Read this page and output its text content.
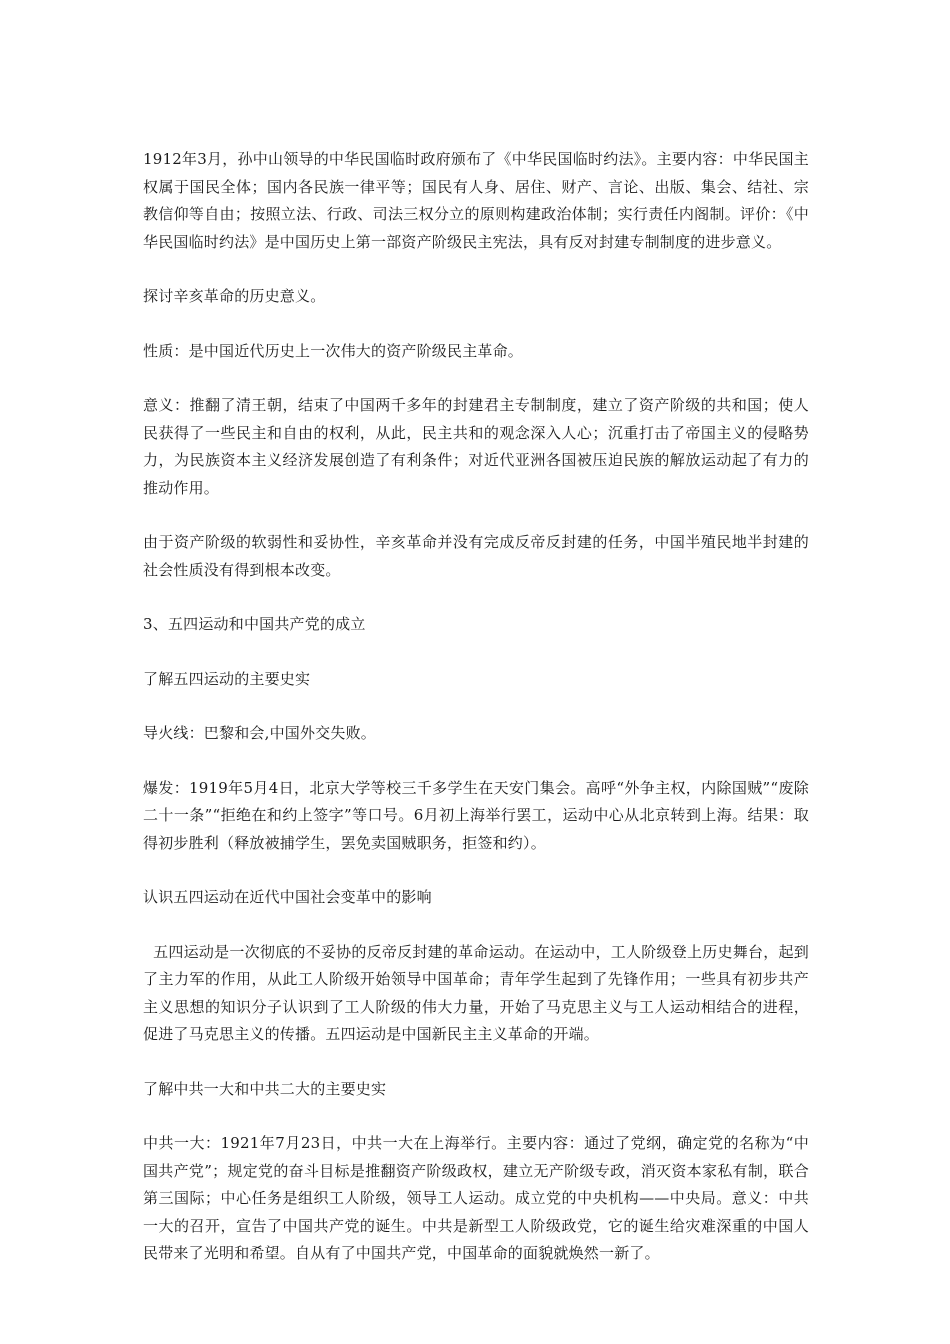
1912年3月，孙中山领导的中华民国临时政府颁布了《中华民国临时约法》。主要内容：中华民国主权属于国民全体；国内各民族一律平等；国民有人身、居住、财产、言论、出版、集会、结社、宗教信仰等自由；按照立法、行政、司法三权分立的原则构建政治体制；实行责任内阁制。评价：《中华民国临时约法》是中国历史上第一部资产阶级民主宪法，具有反对封建专制制度的进步意义。

探讨辛亥革命的历史意义。

性质：是中国近代历史上一次伟大的资产阶级民主革命。

意义：推翻了清王朝，结束了中国两千多年的封建君主专制制度，建立了资产阶级的共和国；使人民获得了一些民主和自由的权利，从此，民主共和的观念深入人心；沉重打击了帝国主义的侵略势力，为民族资本主义经济发展创造了有利条件；对近代亚洲各国被压迫民族的解放运动起了有力的推动作用。

由于资产阶级的软弱性和妥协性，辛亥革命并没有完成反帝反封建的任务，中国半殖民地半封建的社会性质没有得到根本改变。

3、五四运动和中国共产党的成立

了解五四运动的主要史实

导火线：巴黎和会,中国外交失败。

爆发：1919年5月4日，北京大学等校三千多学生在天安门集会。高呼“外争主权，内除国贼”“废除二十一条”“拒绝在和约上签字”等口号。6月初上海举行罢工，运动中心从北京转到上海。结果：取得初步胜利（释放被捕学生，罢免卖国贼职务，拒签和约）。

认识五四运动在近代中国社会变革中的影响

五四运动是一次彻底的不妥协的反帝反封建的革命运动。在运动中，工人阶级登上历史舞台，起到了主力军的作用，从此工人阶级开始领导中国革命；青年学生起到了先锋作用；一些具有初步共产主义思想的知识分子认识到了工人阶级的伟大力量，开始了马克思主义与工人运动相结合的进程，促进了马克思主义的传播。五四运动是中国新民主主义革命的开端。

了解中共一大和中共二大的主要史实

中共一大：1921年7月23日，中共一大在上海举行。主要内容：通过了党纲，确定党的名称为“中国共产党”；规定党的奋斗目标是推翻资产阶级政权，建立无产阶级专政，消灭资本家私有制，联合第三国际；中心任务是组织工人阶级，领导工人运动。成立党的中央机构——中央局。意义：中共一大的召开，宣告了中国共产党的诞生。中共是新型工人阶级政党，它的诞生给灾难深重的中国人民带来了光明和希望。自从有了中国共产党，中国革命的面貌就焕然一新了。
